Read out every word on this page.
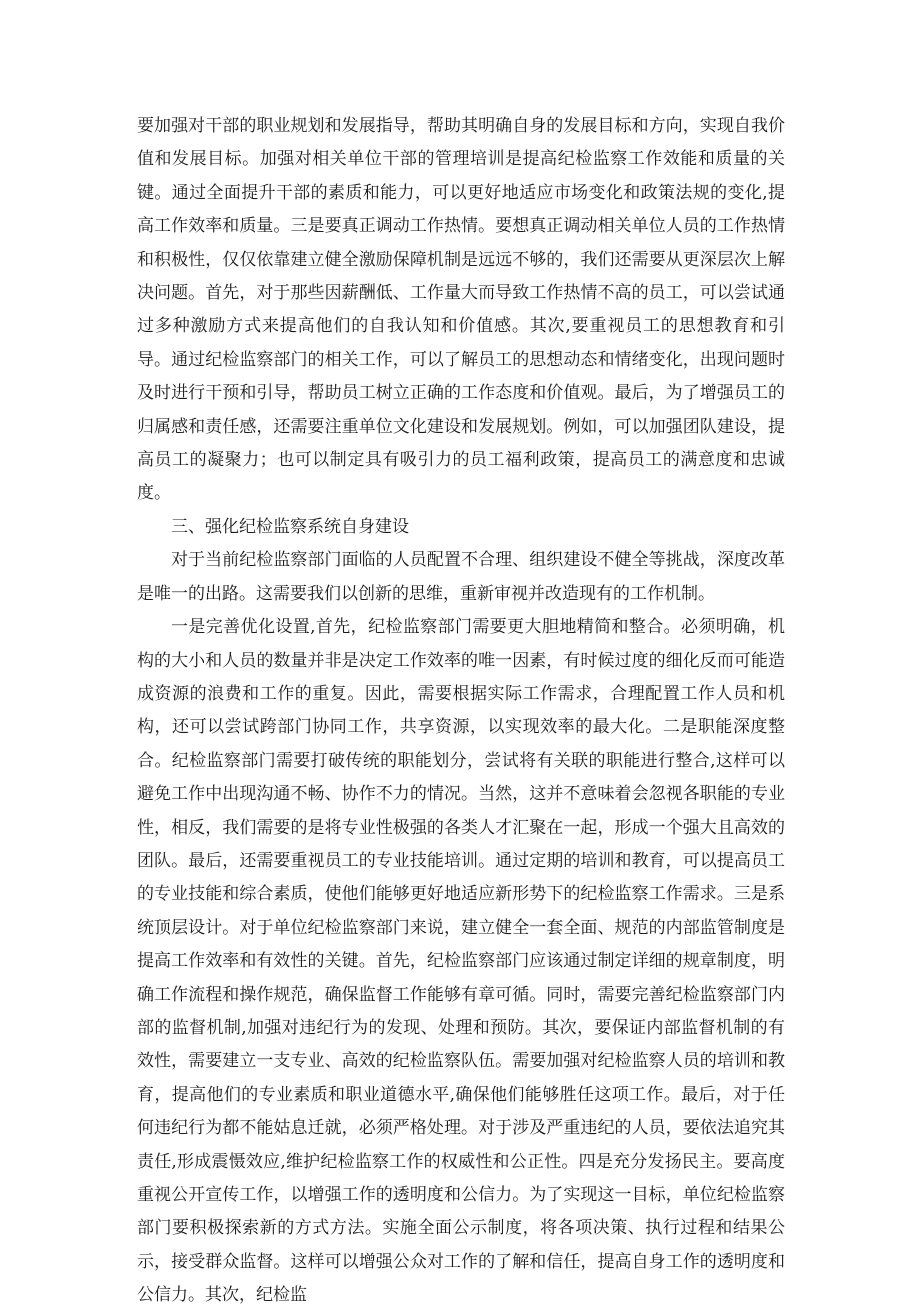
要加强对干部的职业规划和发展指导，帮助其明确自身的发展目标和方向，实现自我价值和发展目标。加强对相关单位干部的管理培训是提高纪检监察工作效能和质量的关键。通过全面提升干部的素质和能力，可以更好地适应市场变化和政策法规的变化,提高工作效率和质量。三是要真正调动工作热情。要想真正调动相关单位人员的工作热情和积极性，仅仅依靠建立健全激励保障机制是远远不够的，我们还需要从更深层次上解决问题。首先，对于那些因薪酬低、工作量大而导致工作热情不高的员工，可以尝试通过多种激励方式来提高他们的自我认知和价值感。其次,要重视员工的思想教育和引导。通过纪检监察部门的相关工作，可以了解员工的思想动态和情绪变化，出现问题时及时进行干预和引导，帮助员工树立正确的工作态度和价值观。最后，为了增强员工的归属感和责任感，还需要注重单位文化建设和发展规划。例如，可以加强团队建设，提高员工的凝聚力；也可以制定具有吸引力的员工福利政策，提高员工的满意度和忠诚度。

三、强化纪检监察系统自身建设

对于当前纪检监察部门面临的人员配置不合理、组织建设不健全等挑战，深度改革是唯一的出路。这需要我们以创新的思维，重新审视并改造现有的工作机制。

一是完善优化设置,首先，纪检监察部门需要更大胆地精简和整合。必须明确，机构的大小和人员的数量并非是决定工作效率的唯一因素，有时候过度的细化反而可能造成资源的浪费和工作的重复。因此，需要根据实际工作需求，合理配置工作人员和机构，还可以尝试跨部门协同工作，共享资源，以实现效率的最大化。二是职能深度整合。纪检监察部门需要打破传统的职能划分，尝试将有关联的职能进行整合,这样可以避免工作中出现沟通不畅、协作不力的情况。当然，这并不意味着会忽视各职能的专业性，相反，我们需要的是将专业性极强的各类人才汇聚在一起，形成一个强大且高效的团队。最后，还需要重视员工的专业技能培训。通过定期的培训和教育，可以提高员工的专业技能和综合素质，使他们能够更好地适应新形势下的纪检监察工作需求。三是系统顶层设计。对于单位纪检监察部门来说，建立健全一套全面、规范的内部监管制度是提高工作效率和有效性的关键。首先，纪检监察部门应该通过制定详细的规章制度，明确工作流程和操作规范，确保监督工作能够有章可循。同时，需要完善纪检监察部门内部的监督机制,加强对违纪行为的发现、处理和预防。其次，要保证内部监督机制的有效性，需要建立一支专业、高效的纪检监察队伍。需要加强对纪检监察人员的培训和教育，提高他们的专业素质和职业道德水平,确保他们能够胜任这项工作。最后，对于任何违纪行为都不能姑息迁就，必须严格处理。对于涉及严重违纪的人员，要依法追究其责任,形成震慑效应,维护纪检监察工作的权威性和公正性。四是充分发扬民主。要高度重视公开宣传工作，以增强工作的透明度和公信力。为了实现这一目标，单位纪检监察部门要积极探索新的方式方法。实施全面公示制度，将各项决策、执行过程和结果公示，接受群众监督。这样可以增强公众对工作的了解和信任，提高自身工作的透明度和公信力。其次，纪检监
